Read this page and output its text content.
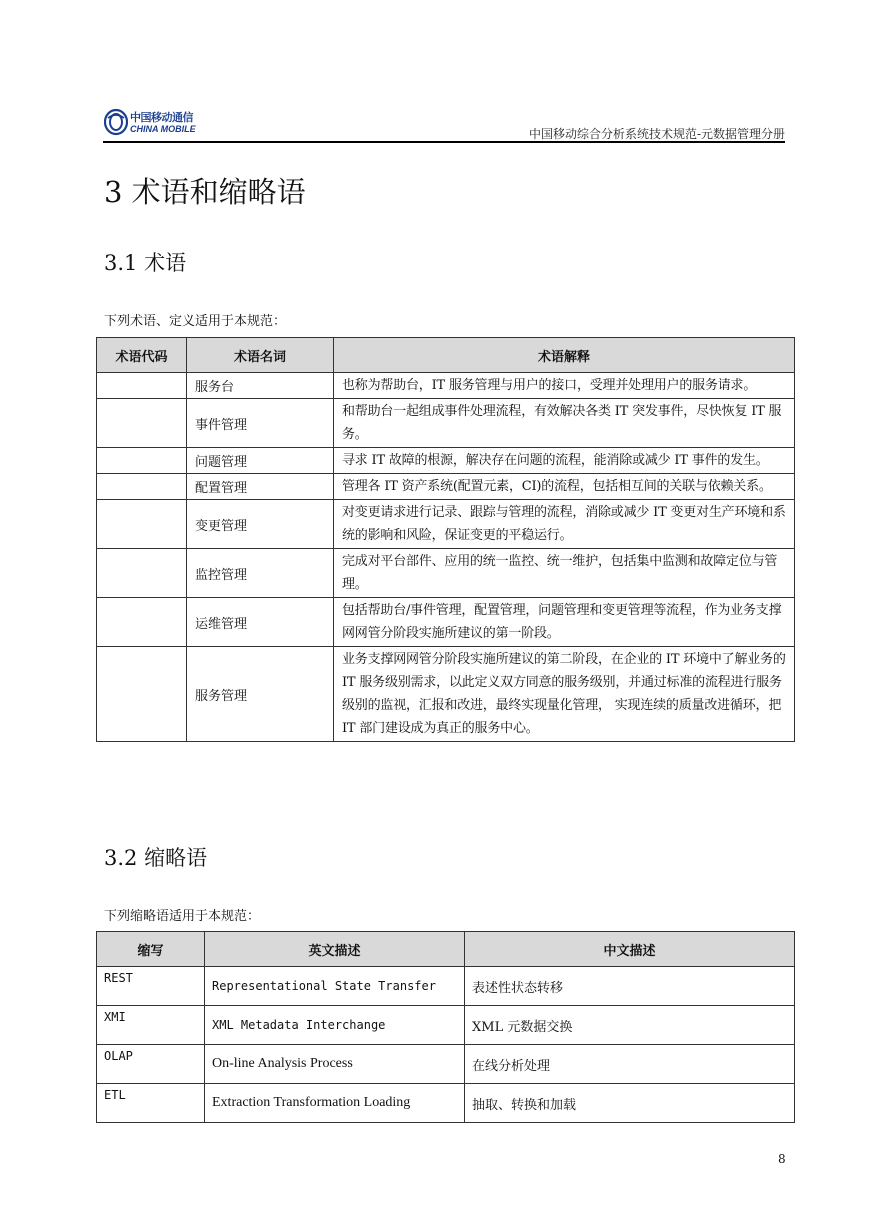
中国移动通信
CHINA MOBILE	中国移动综合分析系统技术规范-元数据管理分册
3 术语和缩略语
3.1 术语
下列术语、定义适用于本规范：
术语代码	术语名词	术语解释
	服务台	也称为帮助台，IT 服务管理与用户的接口，受理并处理用户的服务请求。
	事件管理	和帮助台一起组成事件处理流程，有效解决各类 IT 突发事件，尽快恢复 IT 服务。
	问题管理	寻求 IT 故障的根源，解决存在问题的流程，能消除或减少 IT 事件的发生。
	配置管理	管理各 IT 资产系统(配置元素，CI)的流程，包括相互间的关联与依赖关系。
	变更管理	对变更请求进行记录、跟踪与管理的流程，消除或减少 IT 变更对生产环境和系统的影响和风险，保证变更的平稳运行。
	监控管理	完成对平台部件、应用的统一监控、统一维护，包括集中监测和故障定位与管理。
	运维管理	包括帮助台/事件管理，配置管理，问题管理和变更管理等流程，作为业务支撑网网管分阶段实施所建议的第一阶段。
	服务管理	业务支撑网网管分阶段实施所建议的第二阶段，在企业的 IT 环境中了解业务的 IT 服务级别需求，以此定义双方同意的服务级别，并通过标准的流程进行服务级别的监视，汇报和改进，最终实现量化管理， 实现连续的质量改进循环，把 IT 部门建设成为真正的服务中心。
3.2 缩略语
下列缩略语适用于本规范：
缩写	英文描述	中文描述
REST	Representational State Transfer	表述性状态转移
XMI	XML Metadata Interchange	XML 元数据交换
OLAP	On-line Analysis Process	在线分析处理
ETL	Extraction Transformation Loading	抽取、转换和加载
8
